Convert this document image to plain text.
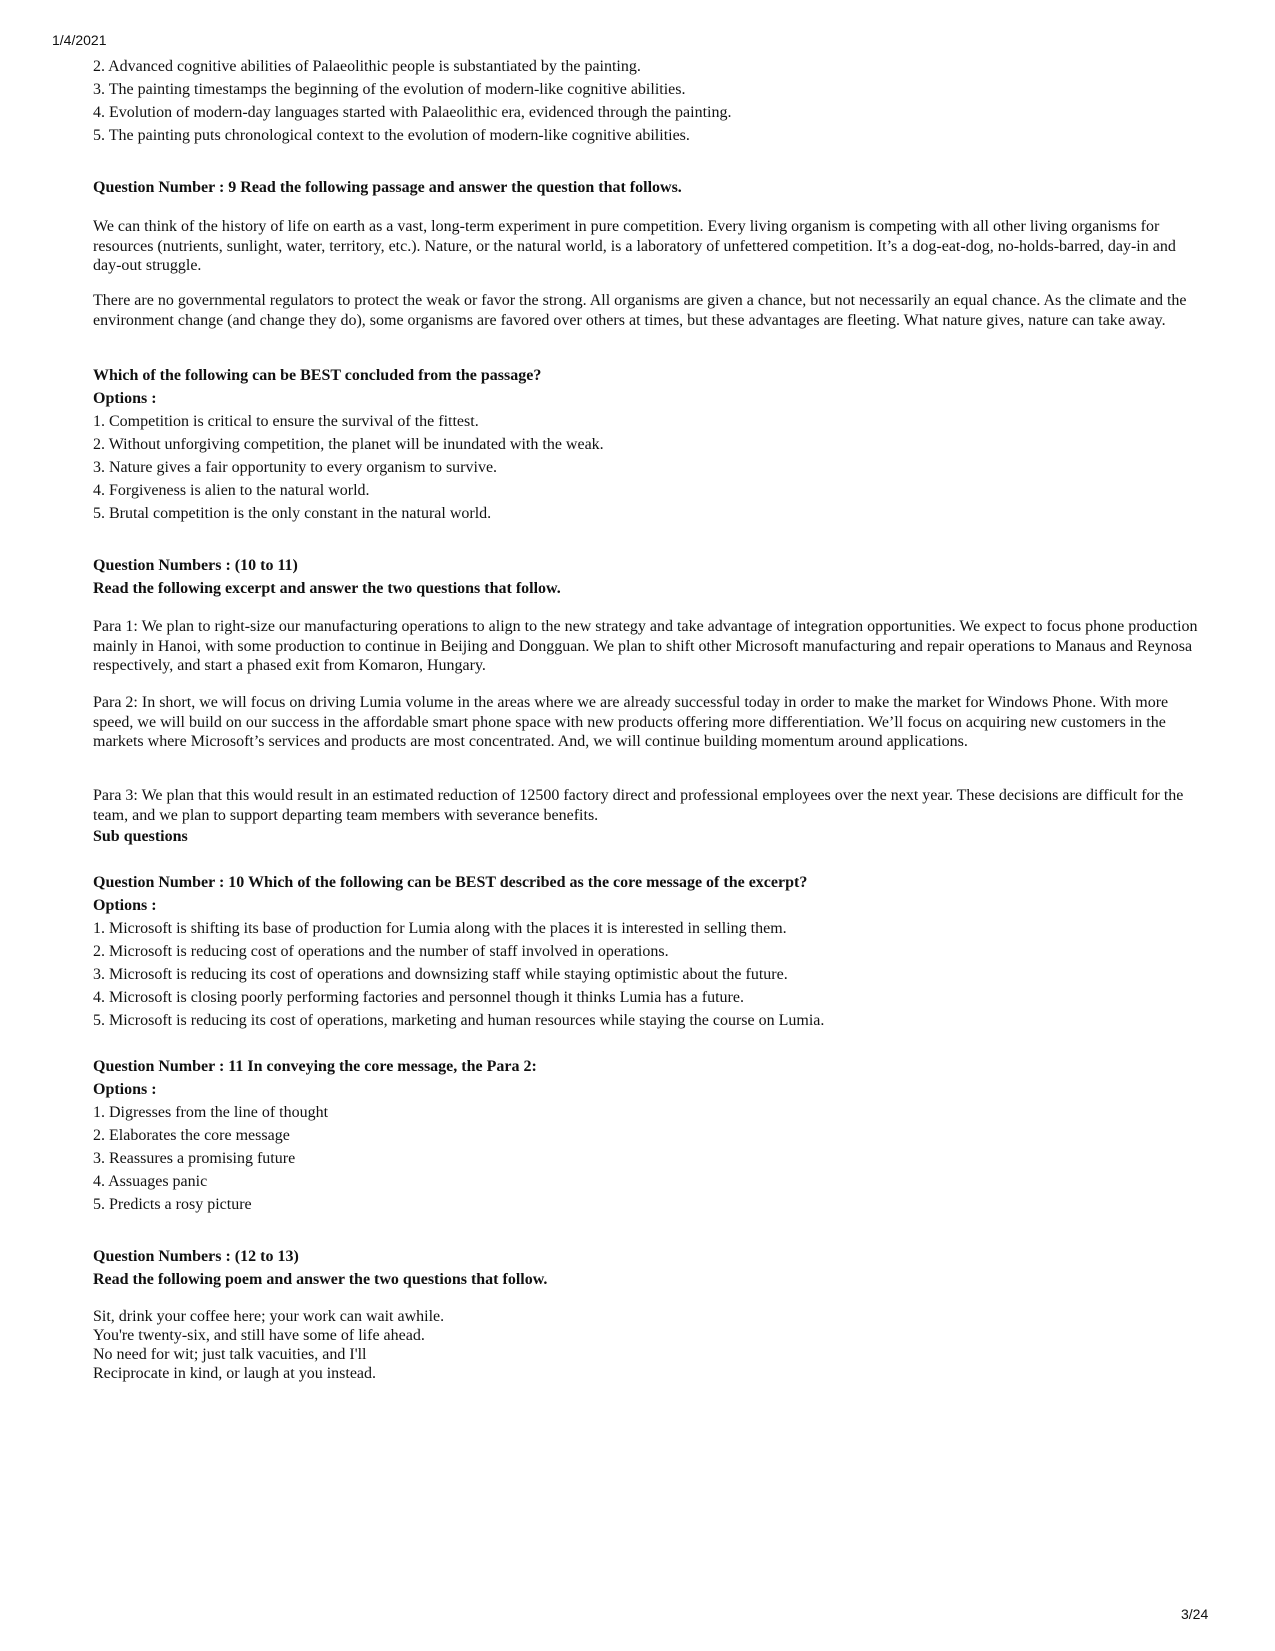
1/4/2021
2. Advanced cognitive abilities of Palaeolithic people is substantiated by the painting.
3. The painting timestamps the beginning of the evolution of modern-like cognitive abilities.
4. Evolution of modern-day languages started with Palaeolithic era, evidenced through the painting.
5. The painting puts chronological context to the evolution of modern-like cognitive abilities.
Question Number : 9 Read the following passage and answer the question that follows.
We can think of the history of life on earth as a vast, long-term experiment in pure competition. Every living organism is competing with all other living organisms for resources (nutrients, sunlight, water, territory, etc.). Nature, or the natural world, is a laboratory of unfettered competition. It’s a dog-eat-dog, no-holds-barred, day-in and day-out struggle.
There are no governmental regulators to protect the weak or favor the strong. All organisms are given a chance, but not necessarily an equal chance. As the climate and the environment change (and change they do), some organisms are favored over others at times, but these advantages are fleeting. What nature gives, nature can take away.
Which of the following can be BEST concluded from the passage?
Options :
1. Competition is critical to ensure the survival of the fittest.
2. Without unforgiving competition, the planet will be inundated with the weak.
3. Nature gives a fair opportunity to every organism to survive.
4. Forgiveness is alien to the natural world.
5. Brutal competition is the only constant in the natural world.
Question Numbers : (10 to 11)
Read the following excerpt and answer the two questions that follow.
Para 1: We plan to right-size our manufacturing operations to align to the new strategy and take advantage of integration opportunities. We expect to focus phone production mainly in Hanoi, with some production to continue in Beijing and Dongguan. We plan to shift other Microsoft manufacturing and repair operations to Manaus and Reynosa respectively, and start a phased exit from Komaron, Hungary.
Para 2: In short, we will focus on driving Lumia volume in the areas where we are already successful today in order to make the market for Windows Phone. With more speed, we will build on our success in the affordable smart phone space with new products offering more differentiation. We’ll focus on acquiring new customers in the markets where Microsoft’s services and products are most concentrated. And, we will continue building momentum around applications.
Para 3: We plan that this would result in an estimated reduction of 12500 factory direct and professional employees over the next year. These decisions are difficult for the team, and we plan to support departing team members with severance benefits.
Sub questions
Question Number : 10 Which of the following can be BEST described as the core message of the excerpt?
Options :
1. Microsoft is shifting its base of production for Lumia along with the places it is interested in selling them.
2. Microsoft is reducing cost of operations and the number of staff involved in operations.
3. Microsoft is reducing its cost of operations and downsizing staff while staying optimistic about the future.
4. Microsoft is closing poorly performing factories and personnel though it thinks Lumia has a future.
5. Microsoft is reducing its cost of operations, marketing and human resources while staying the course on Lumia.
Question Number : 11 In conveying the core message, the Para 2:
Options :
1. Digresses from the line of thought
2. Elaborates the core message
3. Reassures a promising future
4. Assuages panic
5. Predicts a rosy picture
Question Numbers : (12 to 13)
Read the following poem and answer the two questions that follow.
Sit, drink your coffee here; your work can wait awhile.
You're twenty-six, and still have some of life ahead.
No need for wit; just talk vacuities, and I'll
Reciprocate in kind, or laugh at you instead.
3/24
